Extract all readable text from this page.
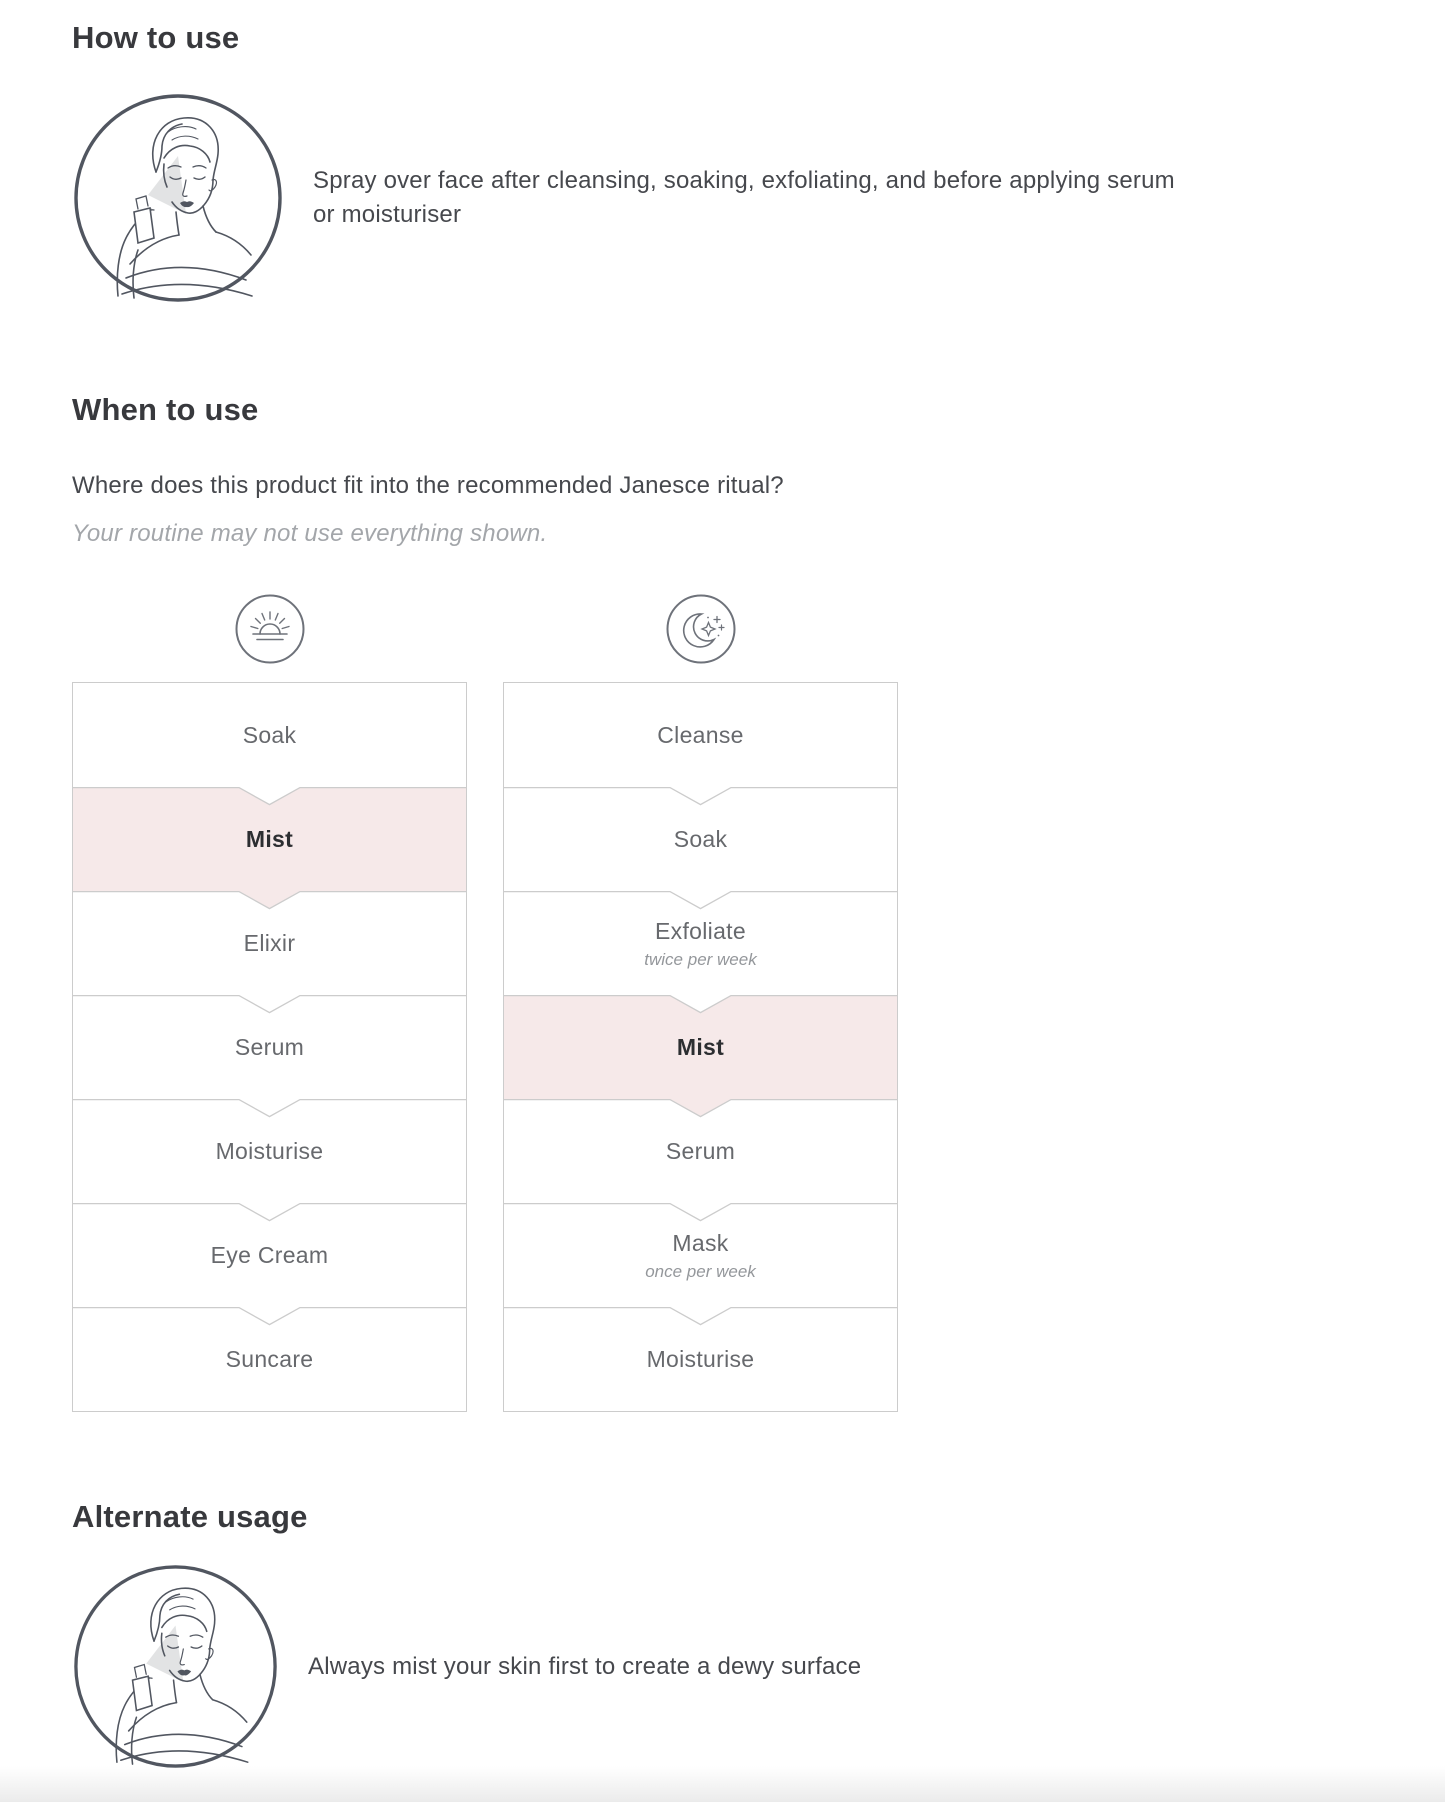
How to use

Spray over face after cleansing, soaking, exfoliating, and before applying serum or moisturiser

When to use

Where does this product fit into the recommended Janesce ritual?

Your routine may not use everything shown.

Soak
Mist
Elixir
Serum
Moisturise
Eye Cream
Suncare
Cleanse
Soak
Exfoliate
twice per week
Mist
Serum
Mask
once per week
Moisturise
Alternate usage

Always mist your skin first to create a dewy surface
